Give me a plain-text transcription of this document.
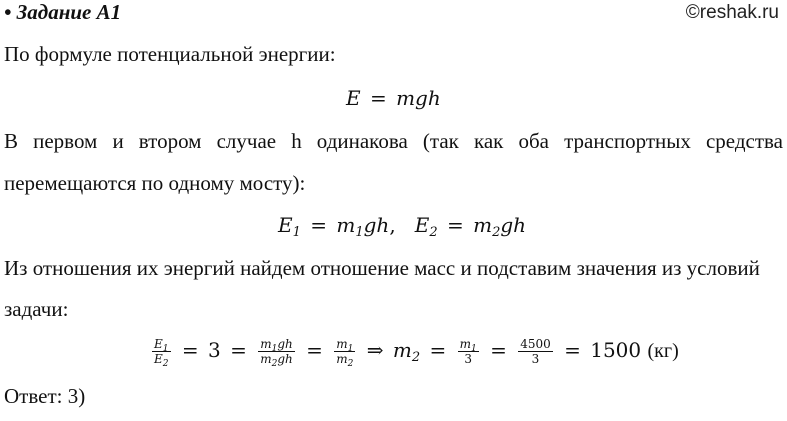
• Задание A1	©reshak.ru
По формуле потенциальной энергии:
E = mgh
В первом и втором случае h одинакова (так как оба транспортных средства
перемещаются по одному мосту):
$E_1 = m_1gh$, $E_2 = m_2gh$
Из отношения их энергий найдем отношение масс и подставим значения из условий
задачи:
$\frac{E_1}{E_2} = 3 = \frac{m_1gh}{m_2gh} = \frac{m_1}{m_2}$ ⇒ $m_2 = \frac{m_1}{3} = \frac{4500}{3} = 1500$ (кг)
Ответ: 3)
